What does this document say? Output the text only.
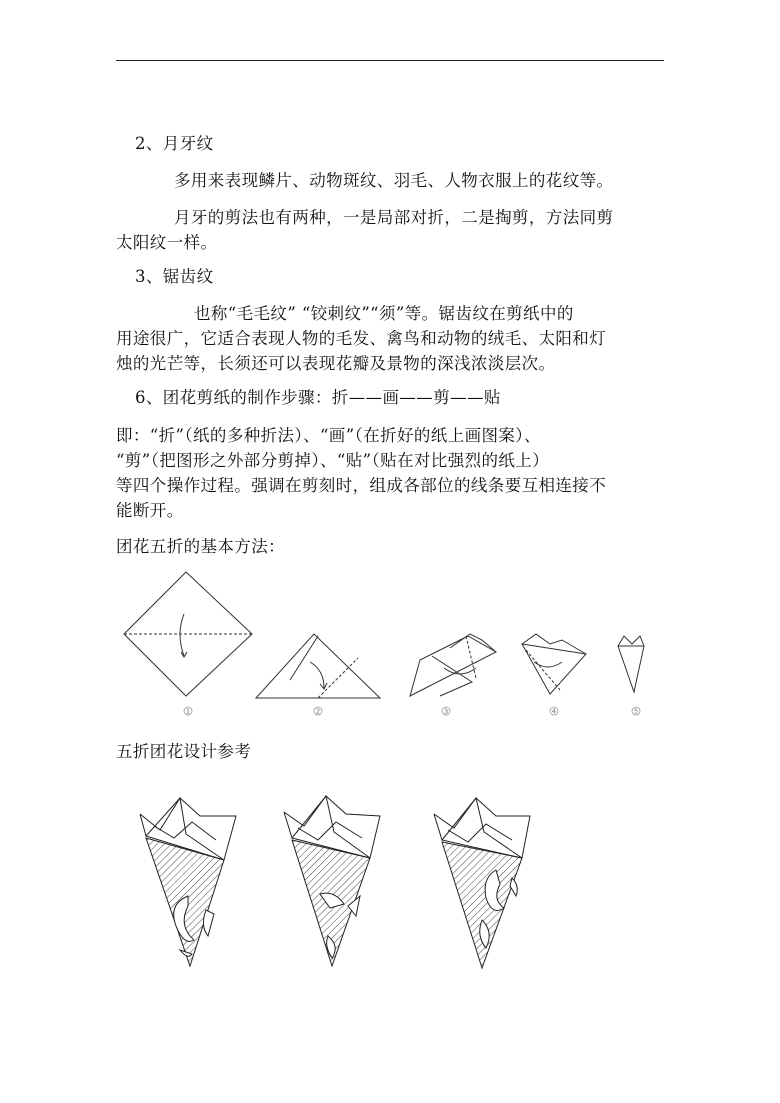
2、月牙纹
多用来表现鳞片、动物斑纹、羽毛、人物衣服上的花纹等。
月牙的剪法也有两种，一是局部对折，二是掏剪，方法同剪
太阳纹一样。
3、锯齿纹
也称“毛毛纹” “铰刺纹”“须”等。锯齿纹在剪纸中的
用途很广，它适合表现人物的毛发、禽鸟和动物的绒毛、太阳和灯
烛的光芒等，长须还可以表现花瓣及景物的深浅浓淡层次。
6、团花剪纸的制作步骤：折——画——剪——贴
即：“折”（纸的多种折法）、“画”（在折好的纸上画图案）、
“剪”（把图形之外部分剪掉）、“贴”（贴在对比强烈的纸上）
等四个操作过程。强调在剪刻时，组成各部位的线条要互相连接不
能断开。
团花五折的基本方法：
1	2	3	4	5
五折团花设计参考
